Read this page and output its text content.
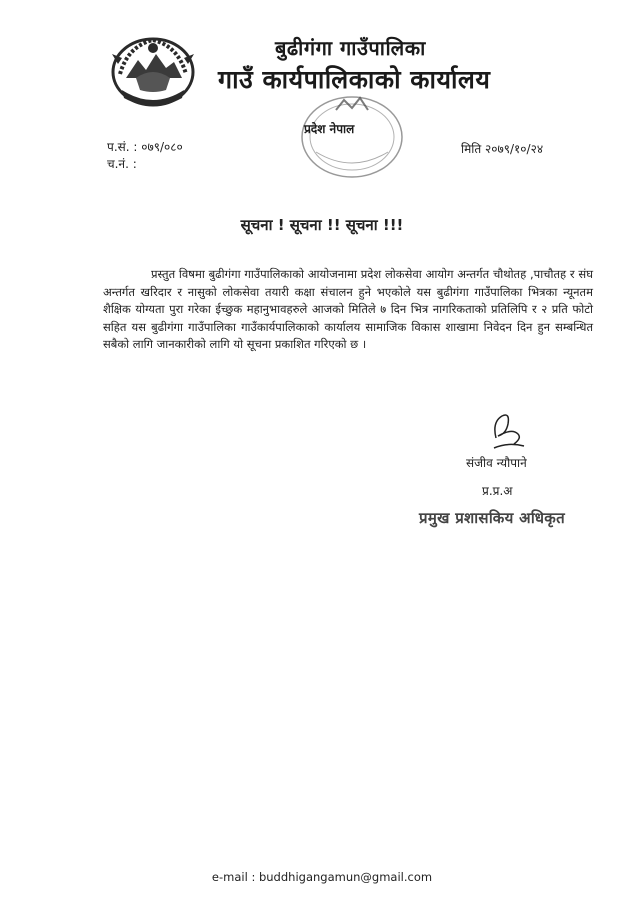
बुढीगंगा गाउँपालिका
गाउँ कार्यपालिकाको कार्यालय
प्रदेश नेपाल
प.सं. : ०७९/०८०
च.नं. :
मिति २०७९/१०/२४
सूचना ! सूचना !! सूचना !!!
प्रस्तुत विषमा बुढीगंगा गाउँपालिकाको आयोजनामा प्रदेश लोकसेवा आयोग अन्तर्गत चौथोतह ,पाचौतह र संघ अन्तर्गत खरिदार र नासुको लोकसेवा तयारी कक्षा संचालन हुने भएकोले यस बुढीगंगा गाउँपालिका भित्रका न्यूनतम शैक्षिक योग्यता पुरा गरेका ईच्छुक महानुभावहरुले आजको मितिले ७ दिन भित्र नागरिकताको प्रतिलिपि र २ प्रति फोटो सहित यस बुढीगंगा गाउँपालिका गाउँकार्यपालिकाको कार्यालय सामाजिक विकास शाखामा निवेदन दिन हुन सम्बन्धित सबैको लागि जानकारीको लागि यो सूचना प्रकाशित गरिएको छ ।
संजीव न्यौपाने
प्र.प्र.अ
प्रमुख प्रशासकिय अधिकृत
e-mail : buddhigangamun@gmail.com
